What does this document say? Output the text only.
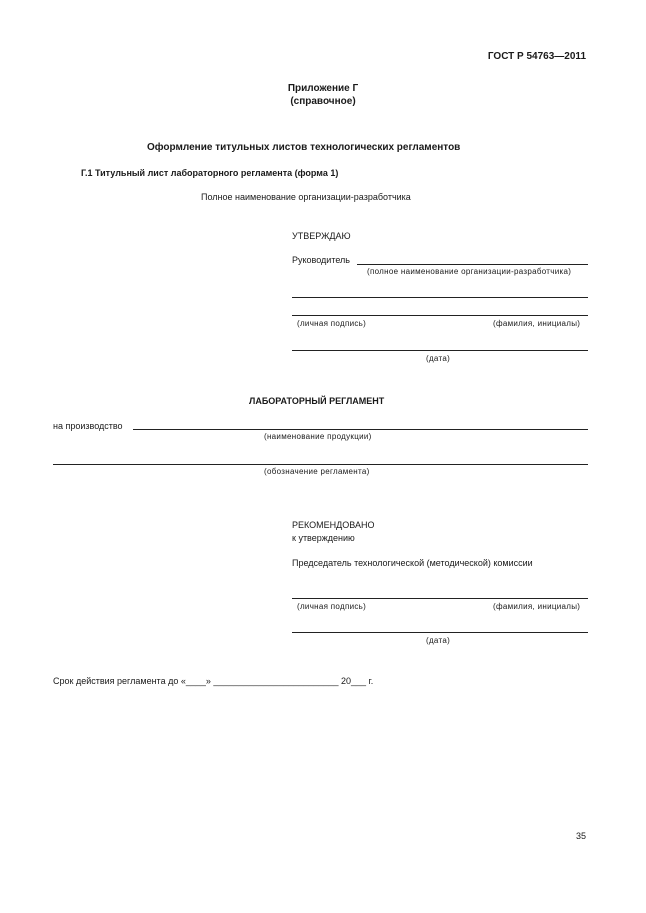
ГОСТ Р 54763—2011
Приложение Г
(справочное)
Оформление титульных листов технологических регламентов
Г.1 Титульный лист лабораторного регламента (форма 1)
Полное наименование организации-разработчика
УТВЕРЖДАЮ
Руководитель
(полное наименование организации-разработчика)
(личная подпись)	(фамилия, инициалы)
(дата)
ЛАБОРАТОРНЫЙ РЕГЛАМЕНТ
на производство
(наименование продукции)
(обозначение регламента)
РЕКОМЕНДОВАНО
к утверждению
Председатель технологической (методической) комиссии
(личная подпись)	(фамилия, инициалы)
(дата)
Срок действия регламента до «____» _________________________ 20___ г.
35
